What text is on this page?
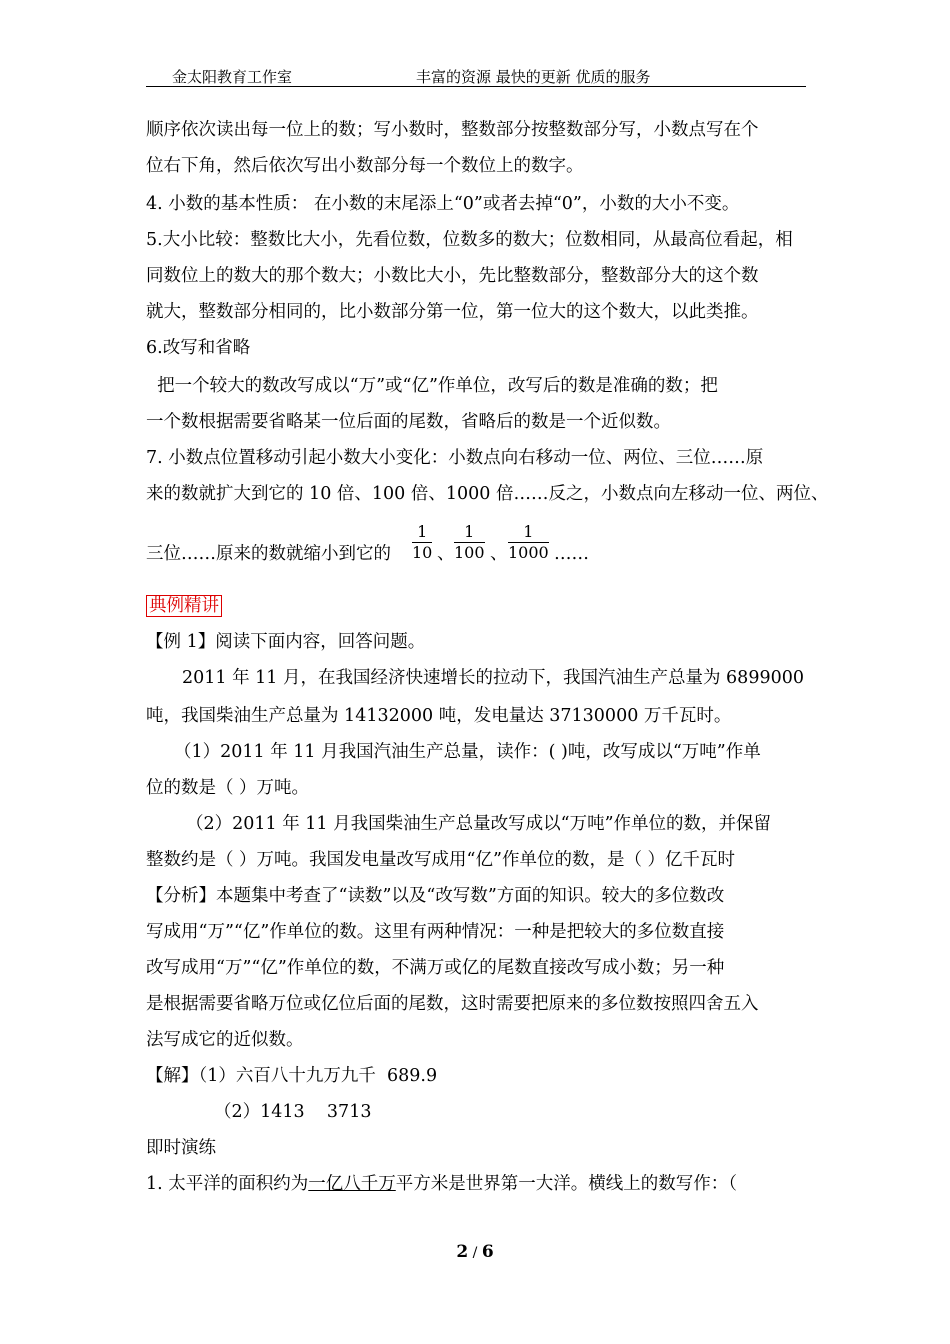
金太阳教育工作室	丰富的资源 最快的更新 优质的服务
顺序依次读出每一位上的数；写小数时，整数部分按整数部分写，小数点写在个
位右下角，然后依次写出小数部分每一个数位上的数字。
4. 小数的基本性质： 在小数的末尾添上“0”或者去掉“0”，小数的大小不变。
5.大小比较：整数比大小，先看位数，位数多的数大；位数相同，从最高位看起，相
同数位上的数大的那个数大；小数比大小，先比整数部分，整数部分大的这个数
就大，整数部分相同的，比小数部分第一位，第一位大的这个数大，以此类推。
6.改写和省略
把一个较大的数改写成以“万”或“亿”作单位，改写后的数是准确的数；把
一个数根据需要省略某一位后面的尾数，省略后的数是一个近似数。
7. 小数点位置移动引起小数大小变化：小数点向右移动一位、两位、三位……原
来的数就扩大到它的 10 倍、100 倍、1000 倍……反之，小数点向左移动一位、两位、
三位……原来的数就缩小到它的 $\frac{1}{10}$ 、 $\frac{1}{100}$ 、 $\frac{1}{1000}$ ……
典例精讲
【例 1】阅读下面内容，回答问题。
2011 年 11 月，在我国经济快速增长的拉动下，我国汽油生产总量为 6899000
吨，我国柴油生产总量为 14132000 吨，发电量达 37130000 万千瓦时。
（1）2011 年 11 月我国汽油生产总量，读作：( )吨，改写成以“万吨”作单
位的数是（ ）万吨。
（2）2011 年 11 月我国柴油生产总量改写成以“万吨”作单位的数，并保留
整数约是（ ）万吨。我国发电量改写成用“亿”作单位的数，是（ ）亿千瓦时
【分析】本题集中考查了“读数”以及“改写数”方面的知识。较大的多位数改
写成用“万”“亿”作单位的数。这里有两种情况：一种是把较大的多位数直接
改写成用“万”“亿”作单位的数，不满万或亿的尾数直接改写成小数；另一种
是根据需要省略万位或亿位后面的尾数，这时需要把原来的多位数按照四舍五入
法写成它的近似数。
【解】（1）六百八十九万九千  689.9
（2）1413    3713
即时演练
1. 太平洋的面积约为一亿八千万平方米是世界第一大洋。横线上的数写作：（
2 / 6
